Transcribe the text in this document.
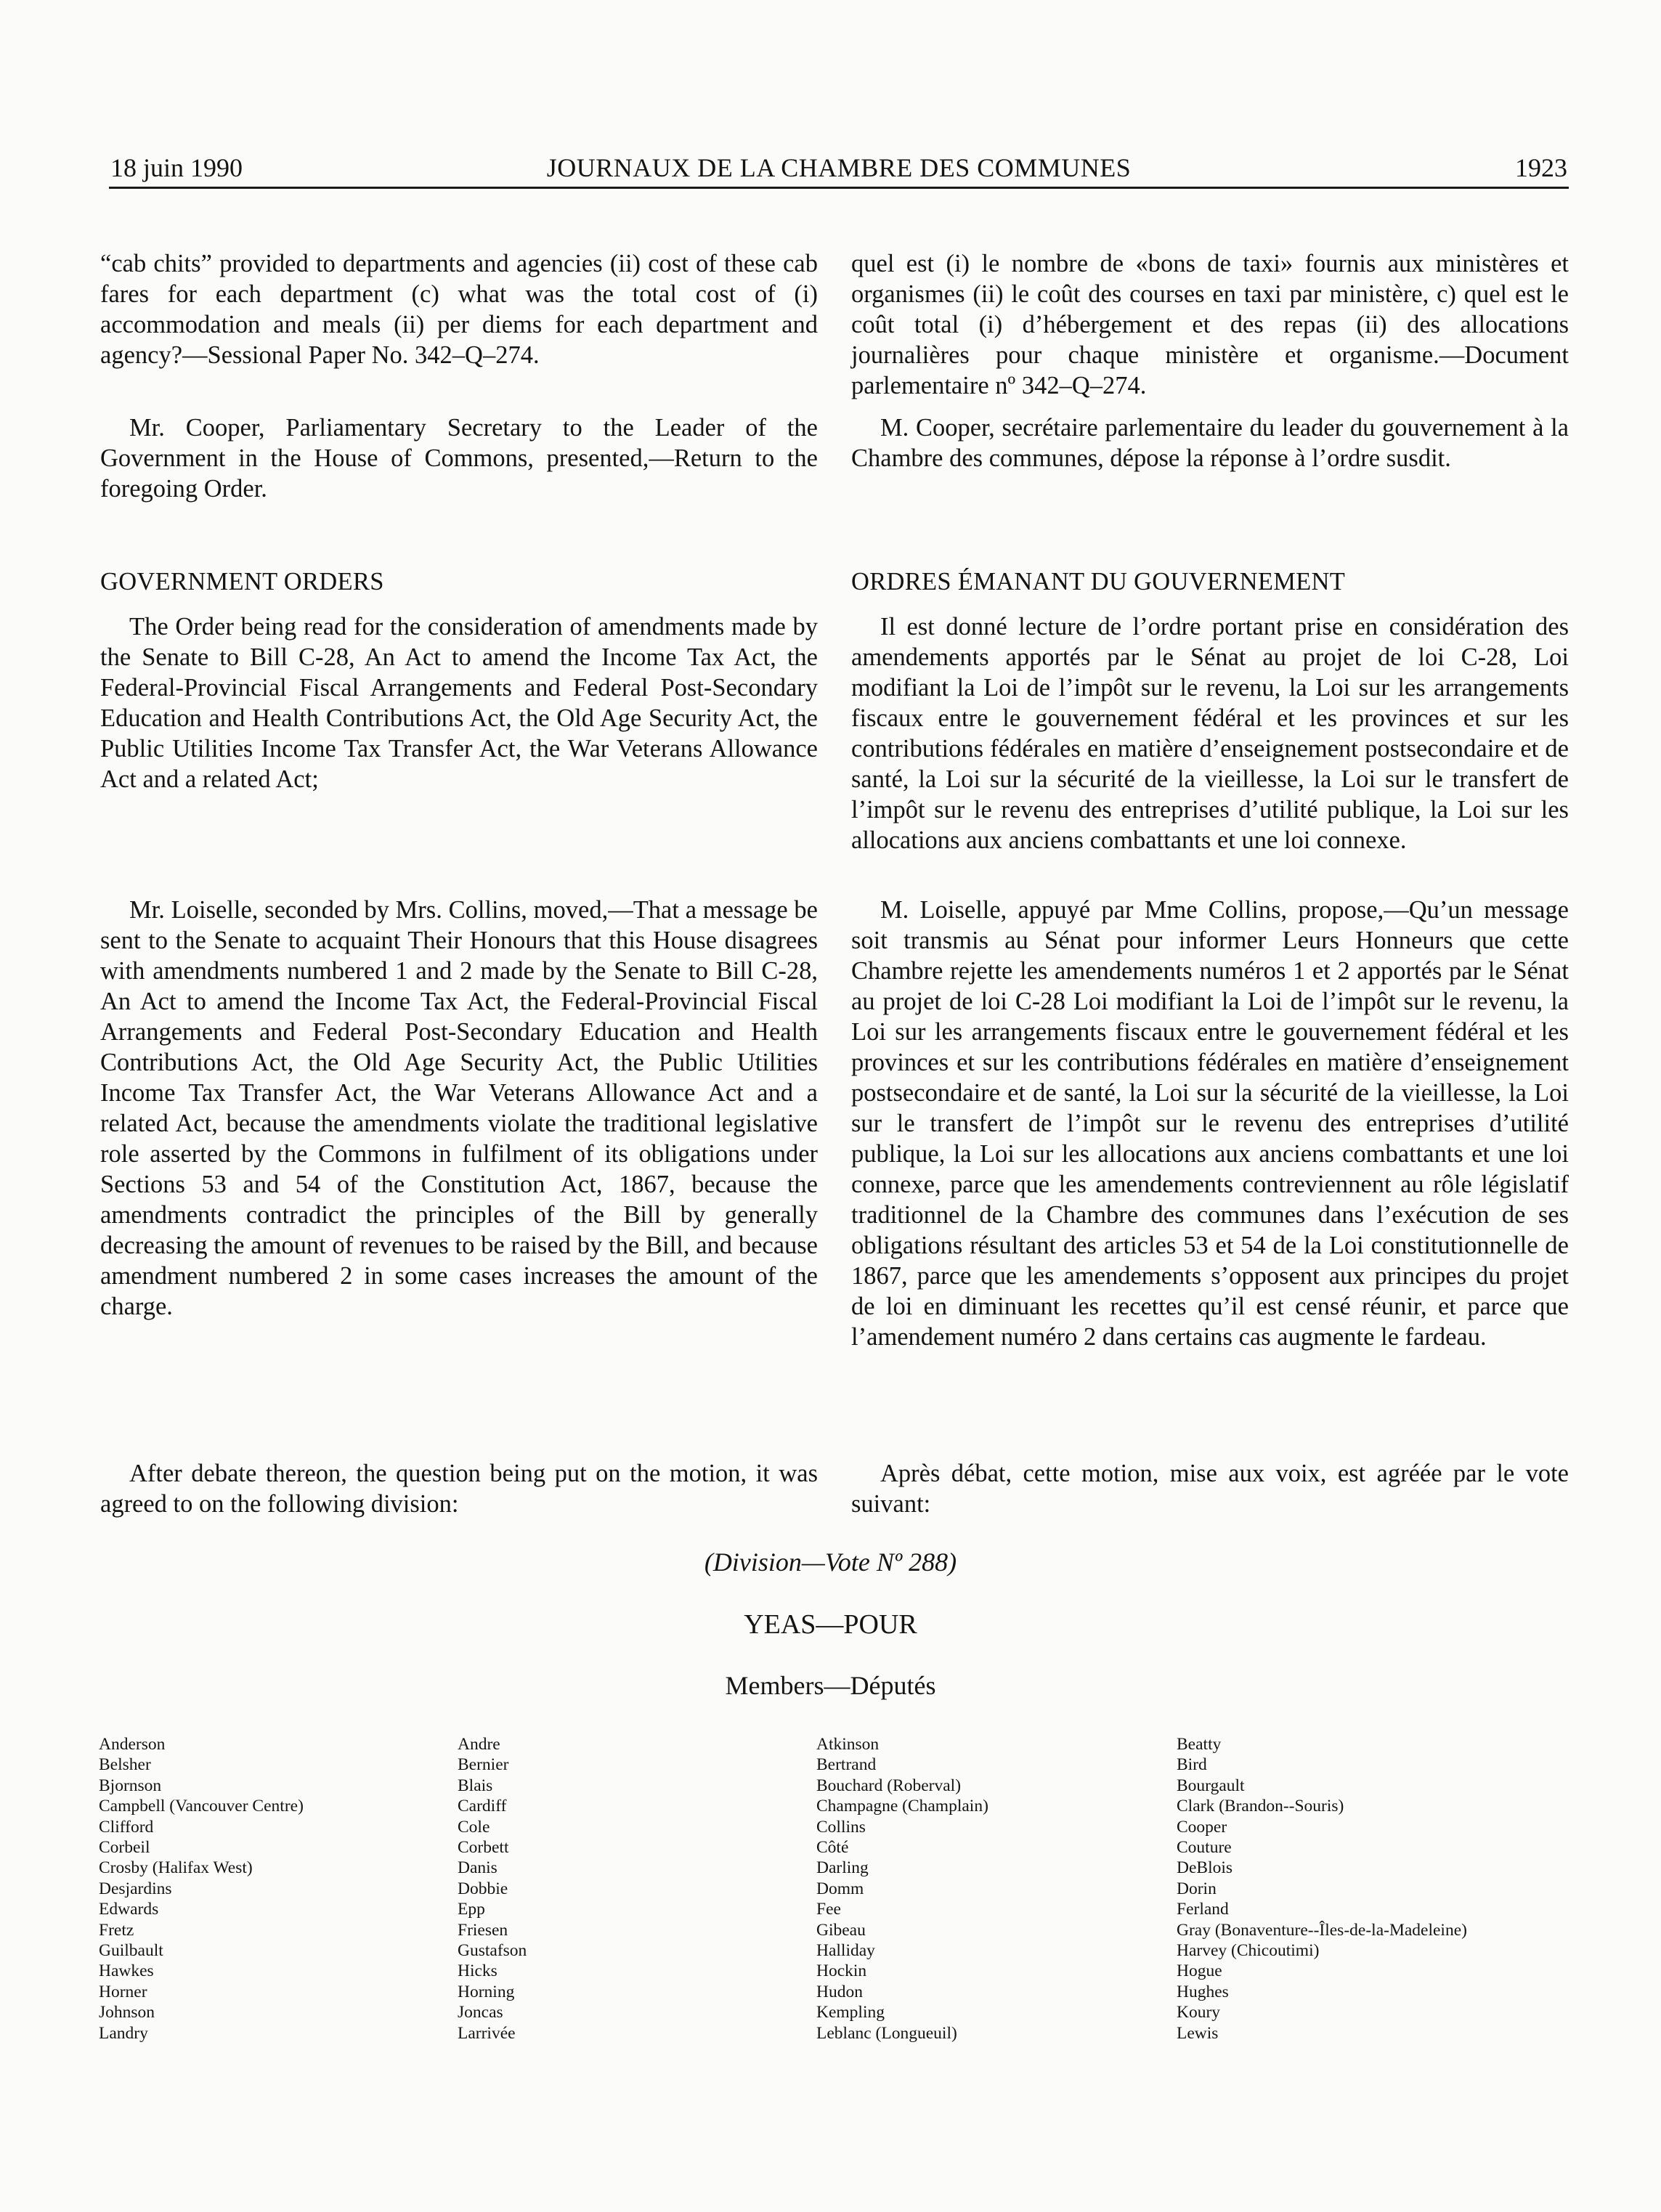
18 juin 1990	JOURNAUX DE LA CHAMBRE DES COMMUNES	1923

“cab chits” provided to departments and agencies (ii) cost of these cab fares for each department (c) what was the total cost of (i) accommodation and meals (ii) per diems for each department and agency?—Sessional Paper No. 342–Q–274.

Mr. Cooper, Parliamentary Secretary to the Leader of the Government in the House of Commons, presented,—Return to the foregoing Order.

GOVERNMENT ORDERS

The Order being read for the consideration of amendments made by the Senate to Bill C-28, An Act to amend the Income Tax Act, the Federal-Provincial Fiscal Arrangements and Federal Post-Secondary Education and Health Contributions Act, the Old Age Security Act, the Public Utilities Income Tax Transfer Act, the War Veterans Allowance Act and a related Act;

Mr. Loiselle, seconded by Mrs. Collins, moved,—That a message be sent to the Senate to acquaint Their Honours that this House disagrees with amendments numbered 1 and 2 made by the Senate to Bill C-28, An Act to amend the Income Tax Act, the Federal-Provincial Fiscal Arrangements and Federal Post-Secondary Education and Health Contributions Act, the Old Age Security Act, the Public Utilities Income Tax Transfer Act, the War Veterans Allowance Act and a related Act, because the amendments violate the traditional legislative role asserted by the Commons in fulfilment of its obligations under Sections 53 and 54 of the Constitution Act, 1867, because the amendments contradict the principles of the Bill by generally decreasing the amount of revenues to be raised by the Bill, and because amendment numbered 2 in some cases increases the amount of the charge.

After debate thereon, the question being put on the motion, it was agreed to on the following division:

quel est (i) le nombre de «bons de taxi» fournis aux ministères et organismes (ii) le coût des courses en taxi par ministère, c) quel est le coût total (i) d’hébergement et des repas (ii) des allocations journalières pour chaque ministère et organisme.—Document parlementaire nº 342–Q–274.

M. Cooper, secrétaire parlementaire du leader du gouvernement à la Chambre des communes, dépose la réponse à l’ordre susdit.

ORDRES ÉMANANT DU GOUVERNEMENT

Il est donné lecture de l’ordre portant prise en considération des amendements apportés par le Sénat au projet de loi C-28, Loi modifiant la Loi de l’impôt sur le revenu, la Loi sur les arrangements fiscaux entre le gouvernement fédéral et les provinces et sur les contributions fédérales en matière d’enseignement postsecondaire et de santé, la Loi sur la sécurité de la vieillesse, la Loi sur le transfert de l’impôt sur le revenu des entreprises d’utilité publique, la Loi sur les allocations aux anciens combattants et une loi connexe.

M. Loiselle, appuyé par Mme Collins, propose,—Qu’un message soit transmis au Sénat pour informer Leurs Honneurs que cette Chambre rejette les amendements numéros 1 et 2 apportés par le Sénat au projet de loi C-28 Loi modifiant la Loi de l’impôt sur le revenu, la Loi sur les arrangements fiscaux entre le gouvernement fédéral et les provinces et sur les contributions fédérales en matière d’enseignement postsecondaire et de santé, la Loi sur la sécurité de la vieillesse, la Loi sur le transfert de l’impôt sur le revenu des entreprises d’utilité publique, la Loi sur les allocations aux anciens combattants et une loi connexe, parce que les amendements contreviennent au rôle législatif traditionnel de la Chambre des communes dans l’exécution de ses obligations résultant des articles 53 et 54 de la Loi constitutionnelle de 1867, parce que les amendements s’opposent aux principes du projet de loi en diminuant les recettes qu’il est censé réunir, et parce que l’amendement numéro 2 dans certains cas augmente le fardeau.

Après débat, cette motion, mise aux voix, est agréée par le vote suivant:

(Division—Vote Nº 288)
YEAS—POUR
Members—Députés
Anderson
Belsher
Bjornson
Campbell (Vancouver Centre)
Clifford
Corbeil
Crosby (Halifax West)
Desjardins
Edwards
Fretz
Guilbault
Hawkes
Horner
Johnson
Landry
Andre
Bernier
Blais
Cardiff
Cole
Corbett
Danis
Dobbie
Epp
Friesen
Gustafson
Hicks
Horning
Joncas
Larrivée
Atkinson
Bertrand
Bouchard (Roberval)
Champagne (Champlain)
Collins
Côté
Darling
Domm
Fee
Gibeau
Halliday
Hockin
Hudon
Kempling
Leblanc (Longueuil)
Beatty
Bird
Bourgault
Clark (Brandon--Souris)
Cooper
Couture
DeBlois
Dorin
Ferland
Gray (Bonaventure--Îles-de-la-Madeleine)
Harvey (Chicoutimi)
Hogue
Hughes
Koury
Lewis
